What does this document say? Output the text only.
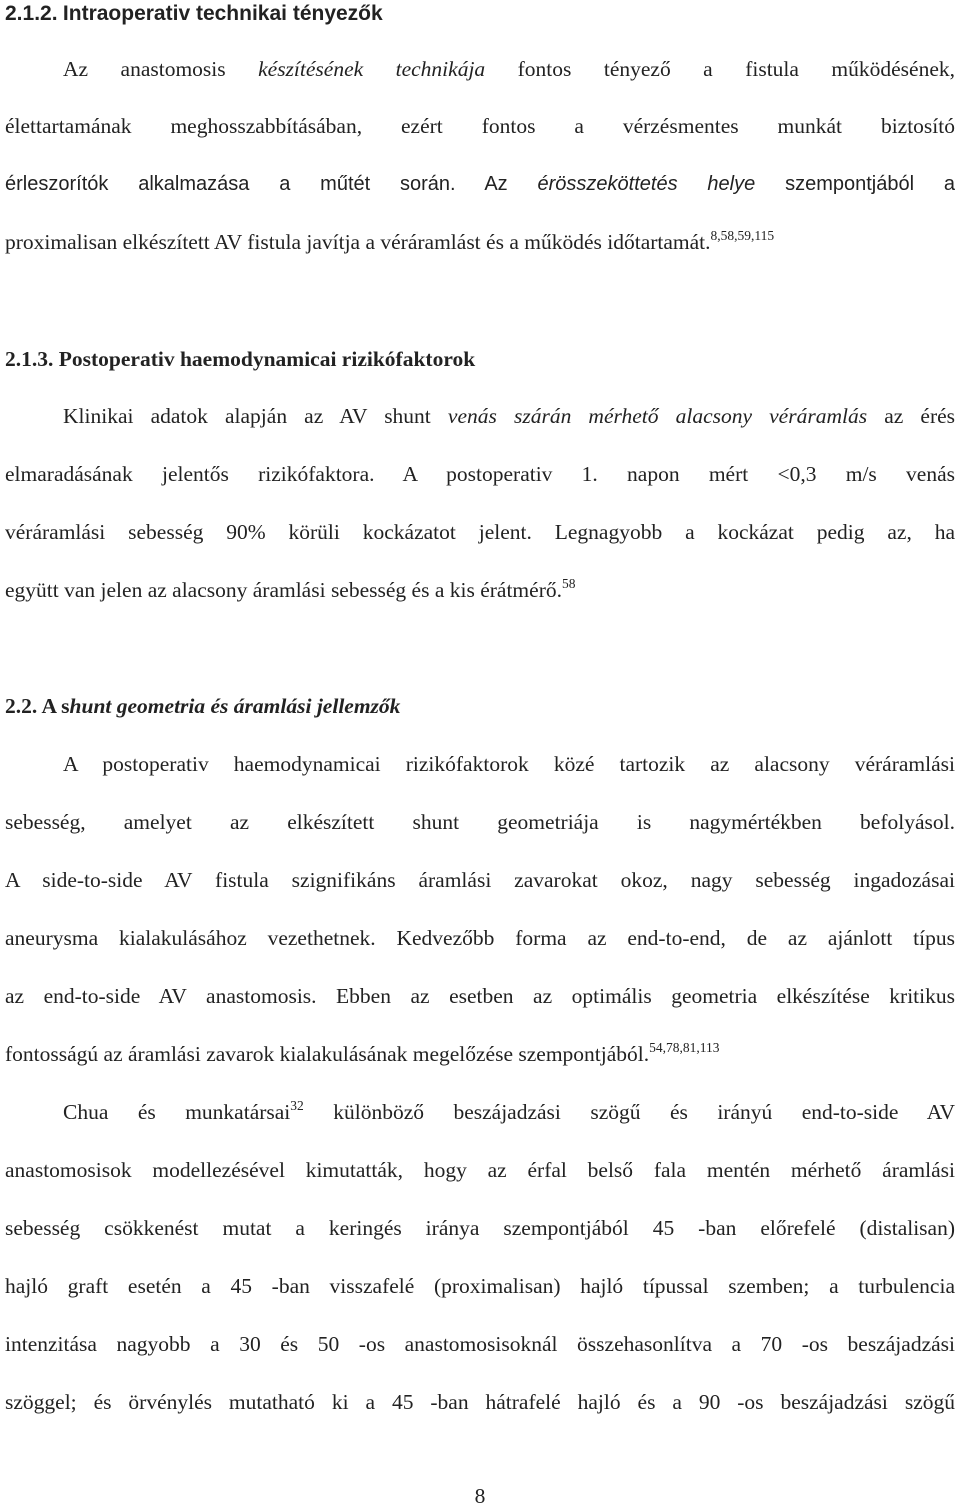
2.1.2. Intraoperativ technikai tényezők

Az anastomosis készítésének technikája fontos tényező a fistula működésének,

élettartamának meghosszabbításában, ezért fontos a vérzésmentes munkát biztosító

érleszorítók alkalmazása a műtét során. Az érösszeköttetés helye szempontjából a

proximalisan elkészített AV fistula javítja a véráramlást és a működés időtartamát.$^{8,58,59,115}$

2.1.3. Postoperativ haemodynamicai rizikófaktorok

Klinikai adatok alapján az AV shunt venás szárán mérhető alacsony véráramlás az érés

elmaradásának jelentős rizikófaktora. A postoperativ 1. napon mért <0,3 m/s venás

véráramlási sebesség 90% körüli kockázatot jelent. Legnagyobb a kockázat pedig az, ha

együtt van jelen az alacsony áramlási sebesség és a kis érátmérő.$^{58}$

2.2. A shunt geometria és áramlási jellemzők

A postoperativ haemodynamicai rizikófaktorok közé tartozik az alacsony véráramlási

sebesség, amelyet az elkészített shunt geometriája is nagymértékben befolyásol.

A side-to-side AV fistula szignifikáns áramlási zavarokat okoz, nagy sebesség ingadozásai

aneurysma kialakulásához vezethetnek. Kedvezőbb forma az end-to-end, de az ajánlott típus

az end-to-side AV anastomosis. Ebben az esetben az optimális geometria elkészítése kritikus

fontosságú az áramlási zavarok kialakulásának megelőzése szempontjából.$^{54,78,81,113}$

Chua és munkatársai$^{32}$ különböző beszájadzási szögű és irányú end-to-side AV

anastomosisok modellezésével kimutatták, hogy az érfal belső fala mentén mérhető áramlási

sebesség csökkenést mutat a keringés iránya szempontjából 45 -ban előrefelé (distalisan)

hajló graft esetén a 45 -ban visszafelé (proximalisan) hajló típussal szemben; a turbulencia

intenzitása nagyobb a 30 és 50 -os anastomosisoknál összehasonlítva a 70 -os beszájadzási

szöggel; és örvénylés mutatható ki a 45 -ban hátrafelé hajló és a 90 -os beszájadzási szögű

8
